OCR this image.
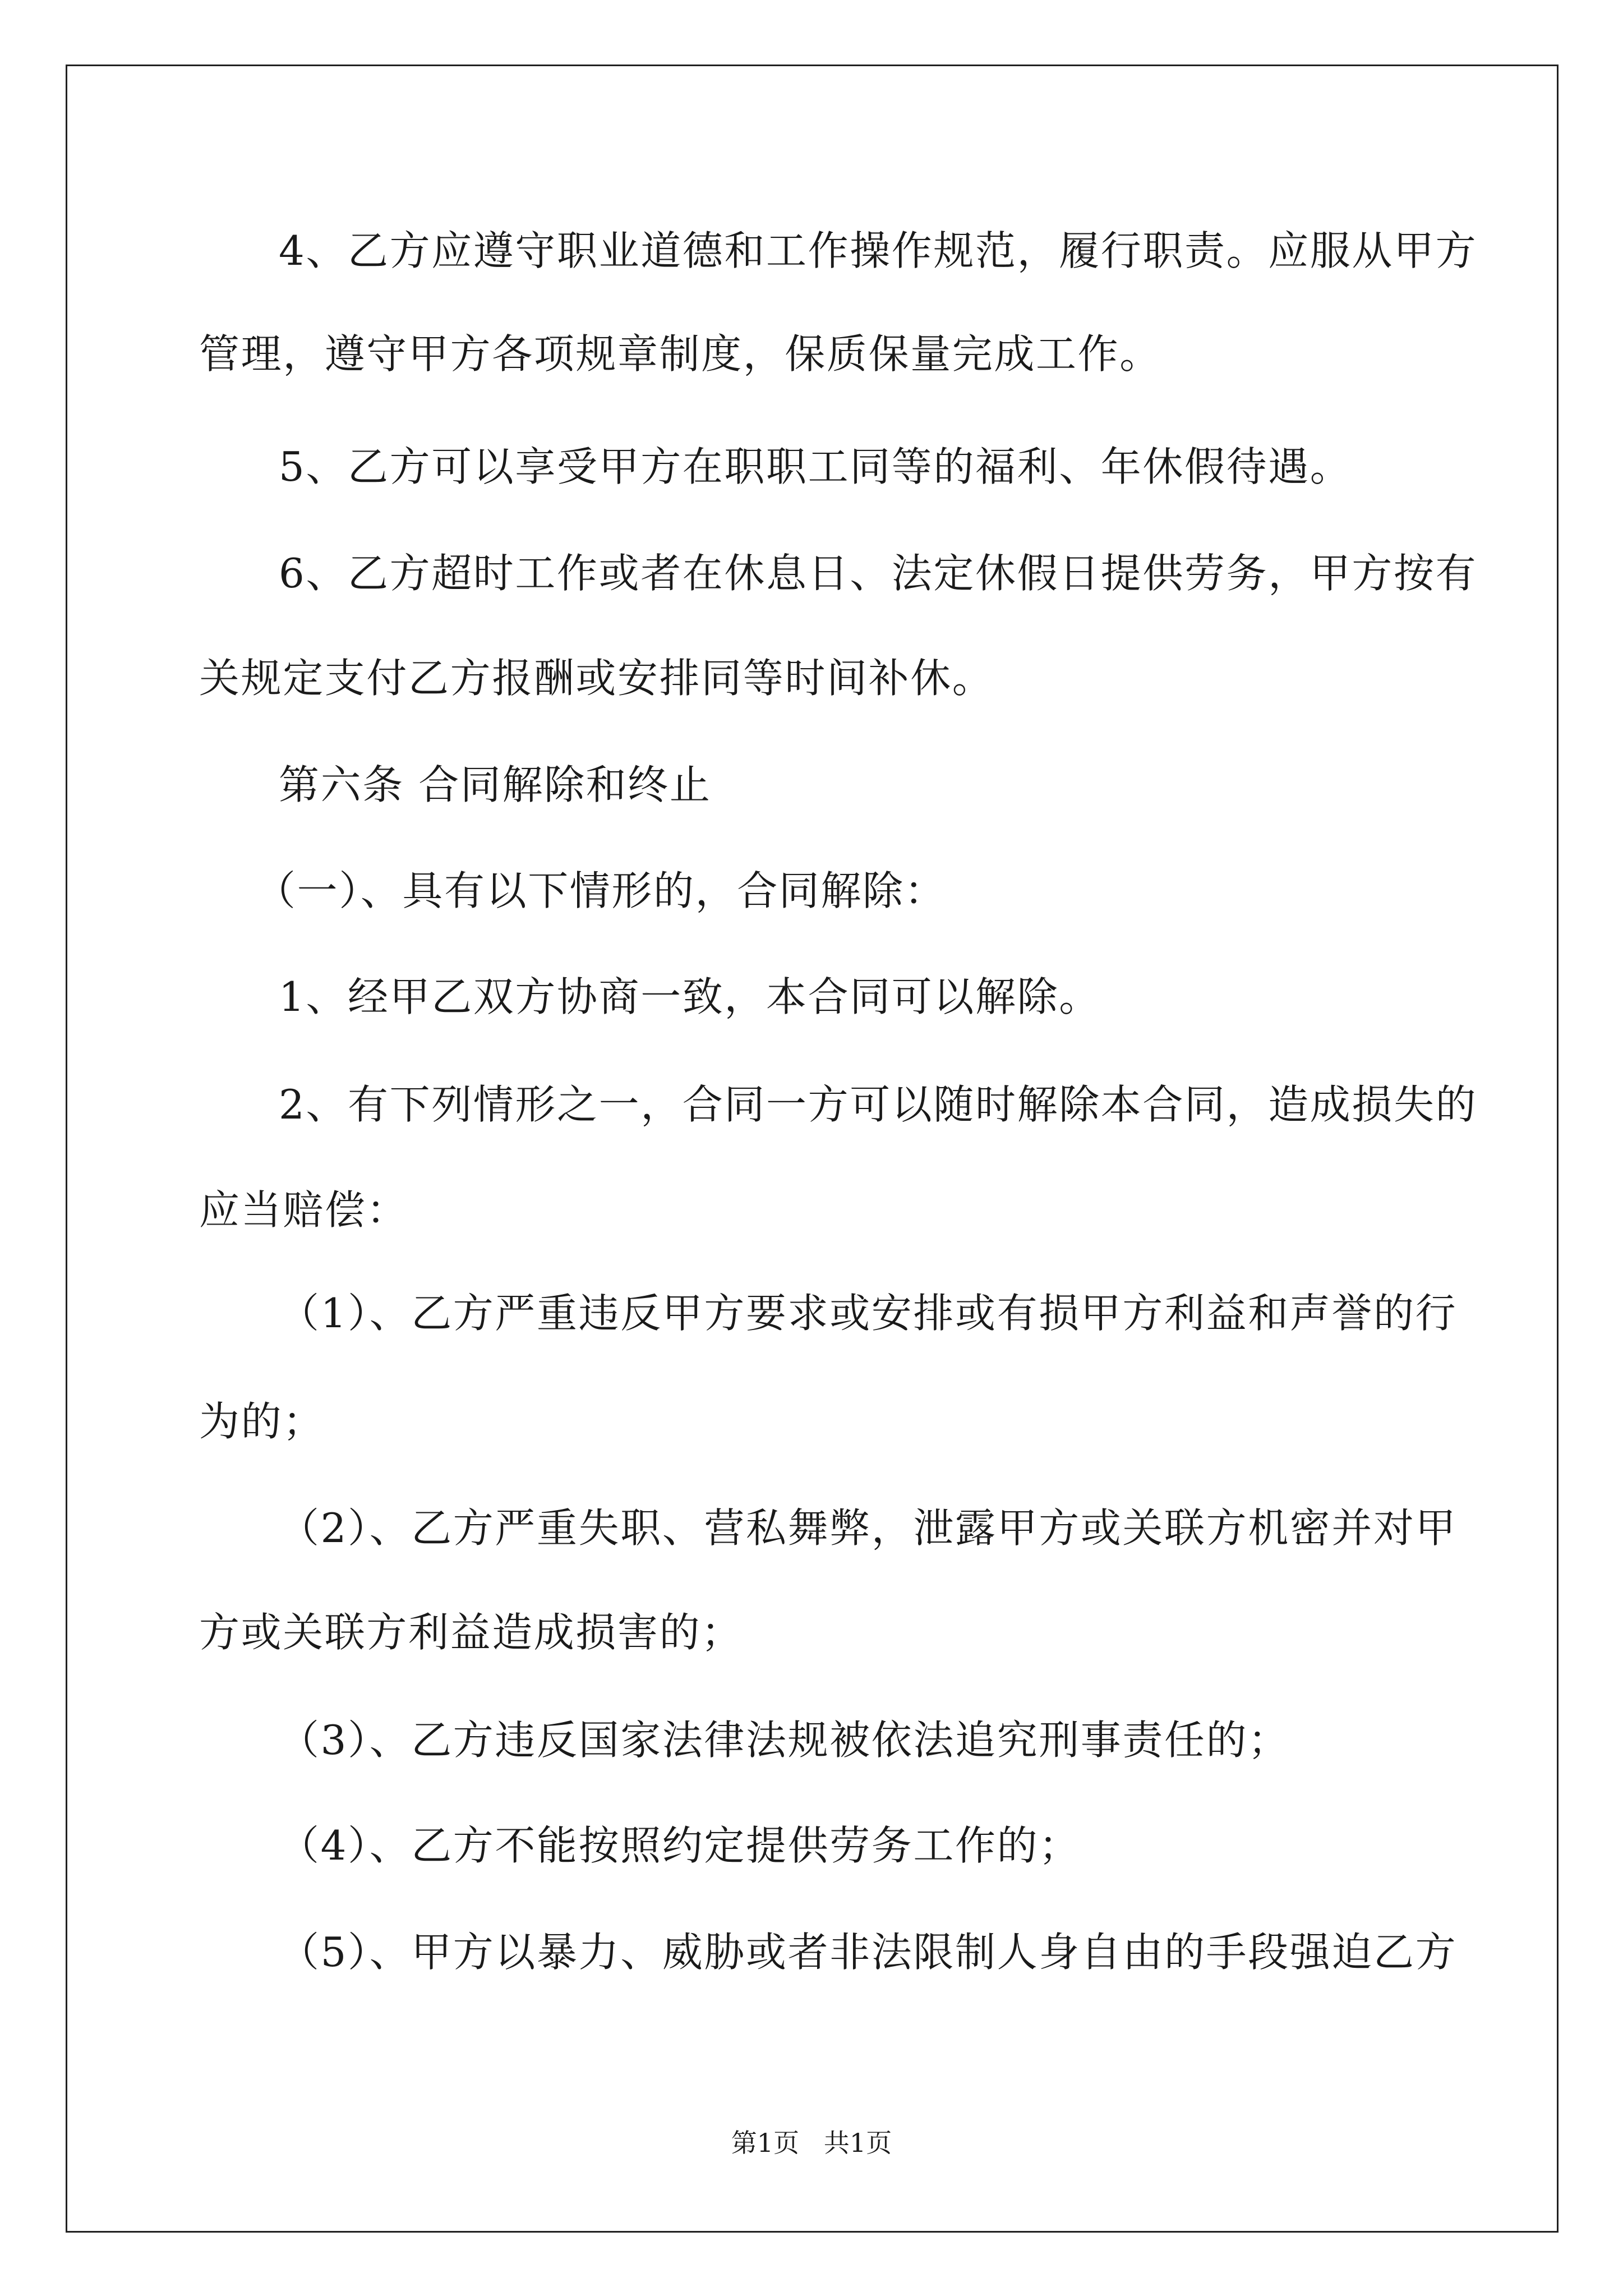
4、乙方应遵守职业道德和工作操作规范，履行职责。应服从甲方
管理，遵守甲方各项规章制度，保质保量完成工作。
5、乙方可以享受甲方在职职工同等的福利、年休假待遇。
6、乙方超时工作或者在休息日、法定休假日提供劳务，甲方按有
关规定支付乙方报酬或安排同等时间补休。
第六条 合同解除和终止
（一）、具有以下情形的，合同解除：
1、经甲乙双方协商一致，本合同可以解除。
2、有下列情形之一，合同一方可以随时解除本合同，造成损失的
应当赔偿：
（1）、乙方严重违反甲方要求或安排或有损甲方利益和声誉的行
为的；
（2）、乙方严重失职、营私舞弊，泄露甲方或关联方机密并对甲
方或关联方利益造成损害的；
（3）、乙方违反国家法律法规被依法追究刑事责任的；
（4）、乙方不能按照约定提供劳务工作的；
（5）、甲方以暴力、威胁或者非法限制人身自由的手段强迫乙方
第1页   共1页
